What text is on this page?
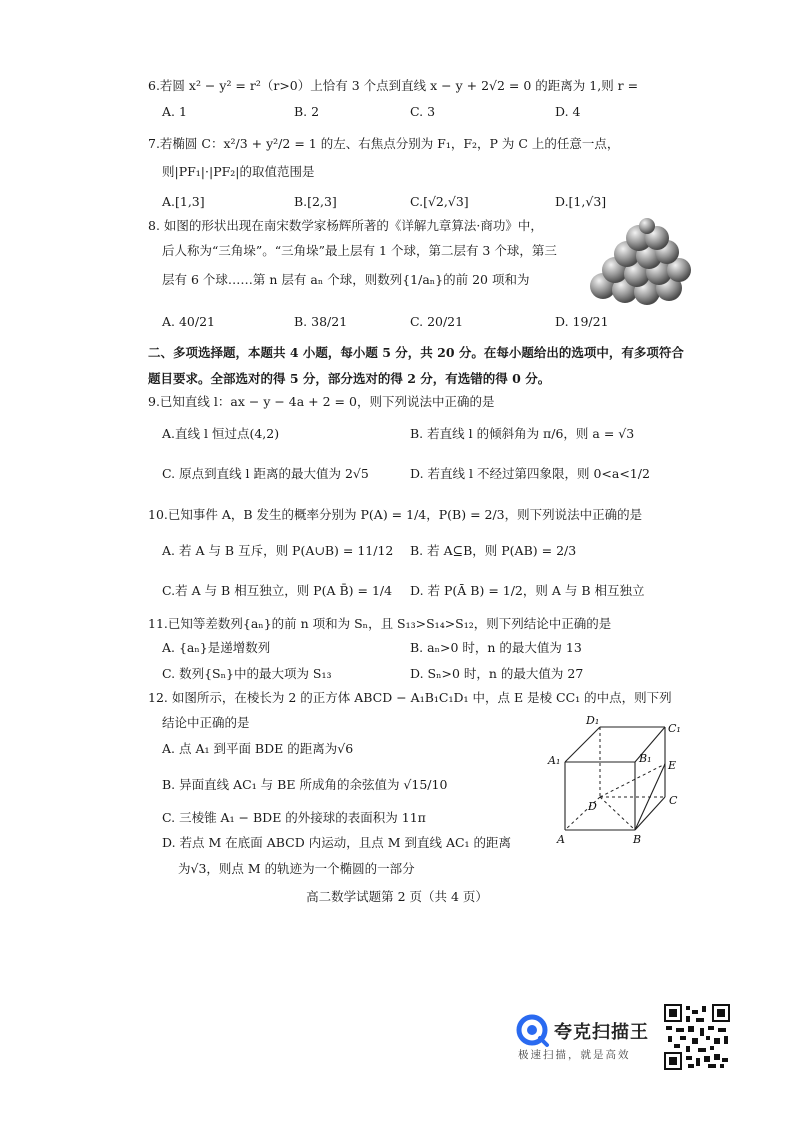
6.若圆 x² − y² = r²（r>0）上恰有 3 个点到直线 x − y + 2√2 = 0 的距离为 1,则 r =
A. 1	B. 2	C. 3	D. 4
7.若椭圆 C：x²/3 + y²/2 = 1 的左、右焦点分别为 F₁，F₂，P 为 C 上的任意一点，
则|PF₁|·|PF₂|的取值范围是
A.[1,3]	B.[2,3]	C.[√2,√3]	D.[1,√3]
8. 如图的形状出现在南宋数学家杨辉所著的《详解九章算法·商功》中，
后人称为“三角垛”。“三角垛”最上层有 1 个球，第二层有 3 个球，第三
层有 6 个球……第 n 层有 aₙ 个球，则数列{1/aₙ}的前 20 项和为
A. 40/21	B. 38/21	C. 20/21	D. 19/21
二、多项选择题，本题共 4 小题，每小题 5 分，共 20 分。在每小题给出的选项中，有多项符合
题目要求。全部选对的得 5 分，部分选对的得 2 分，有选错的得 0 分。
9.已知直线 l：ax − y − 4a + 2 = 0，则下列说法中正确的是
A.直线 l 恒过点(4,2)	B. 若直线 l 的倾斜角为 π/6，则 a = √3
C. 原点到直线 l 距离的最大值为 2√5	D. 若直线 l 不经过第四象限，则 0<a<1/2
10.已知事件 A，B 发生的概率分别为 P(A) = 1/4，P(B) = 2/3，则下列说法中正确的是
A. 若 A 与 B 互斥，则 P(A∪B) = 11/12 B. 若 A⊆B，则 P(AB) = 2/3
C.若 A 与 B 相互独立，则 P(A B̄) = 1/4 D. 若 P(Ā B) = 1/2，则 A 与 B 相互独立
11.已知等差数列{aₙ}的前 n 项和为 Sₙ，且 S₁₃>S₁₄>S₁₂，则下列结论中正确的是
A. {aₙ}是递增数列	B. aₙ>0 时，n 的最大值为 13
C. 数列{Sₙ}中的最大项为 S₁₃	D. Sₙ>0 时，n 的最大值为 27
12. 如图所示，在棱长为 2 的正方体 ABCD − A₁B₁C₁D₁ 中，点 E 是棱 CC₁ 的中点，则下列
结论中正确的是
A. 点 A₁ 到平面 BDE 的距离为√6
B. 异面直线 AC₁ 与 BE 所成角的余弦值为 √15/10
C. 三棱锥 A₁ − BDE 的外接球的表面积为 11π
D. 若点 M 在底面 ABCD 内运动，且点 M 到直线 AC₁ 的距离
为√3，则点 M 的轨迹为一个椭圆的一部分
D₁
C₁
A₁	B₁
E
D	C
A	B
高二数学试题第 2 页（共 4 页）
夸克扫描王
极速扫描，就是高效
